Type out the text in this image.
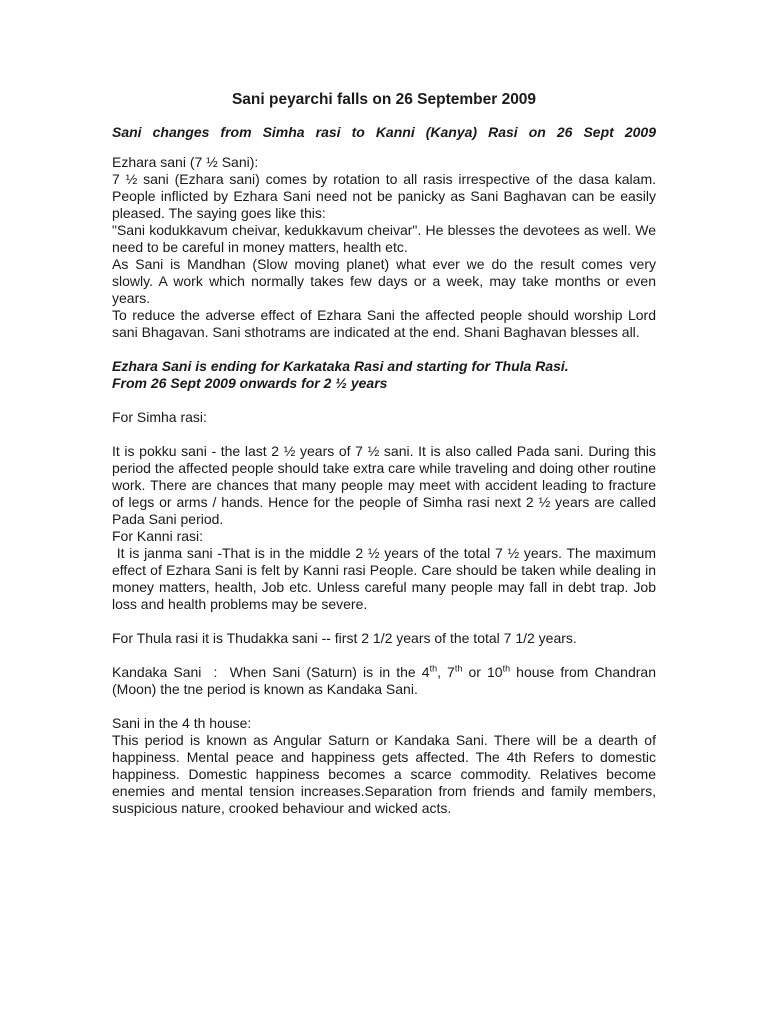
Sani peyarchi falls on 26 September 2009

Sani changes from Simha rasi to Kanni (Kanya) Rasi on 26 Sept 2009

Ezhara sani (7 ½ Sani):

7 ½ sani (Ezhara sani) comes by rotation to all rasis irrespective of the dasa kalam. People inflicted by Ezhara Sani need not be panicky as Sani Baghavan can be easily pleased. The saying goes like this:

"Sani kodukkavum cheivar, kedukkavum cheivar". He blesses the devotees as well. We need to be careful in money matters, health etc.

As Sani is Mandhan (Slow moving planet) what ever we do the result comes very slowly. A work which normally takes few days or a week, may take months or even years.

To reduce the adverse effect of Ezhara Sani the affected people should worship Lord sani Bhagavan. Sani sthotrams are indicated at the end. Shani Baghavan blesses all.

Ezhara Sani is ending for Karkataka Rasi and starting for Thula Rasi.

From 26 Sept 2009 onwards for 2 ½ years

For Simha rasi:

It is pokku sani - the last 2 ½ years of 7 ½ sani. It is also called Pada sani. During this period the affected people should take extra care while traveling and doing other routine work. There are chances that many people may meet with accident leading to fracture of legs or arms / hands. Hence for the people of Simha rasi next 2 ½ years are called Pada Sani period.

For Kanni rasi:

It is janma sani -That is in the middle 2 ½ years of the total 7 ½ years. The maximum effect of Ezhara Sani is felt by Kanni rasi People. Care should be taken while dealing in money matters, health, Job etc. Unless careful many people may fall in debt trap. Job loss and health problems may be severe.

For Thula rasi it is Thudakka sani -- first 2 1/2 years of the total 7 1/2 years.

Kandaka Sani  :  When Sani (Saturn) is in the 4th, 7th or 10th house from Chandran (Moon) the tne period is known as Kandaka Sani.

Sani in the 4 th house:

This period is known as Angular Saturn or Kandaka Sani. There will be a dearth of happiness. Mental peace and happiness gets affected. The 4th Refers to domestic happiness. Domestic happiness becomes a scarce commodity. Relatives become enemies and mental tension increases.Separation from friends and family members, suspicious nature, crooked behaviour and wicked acts.
